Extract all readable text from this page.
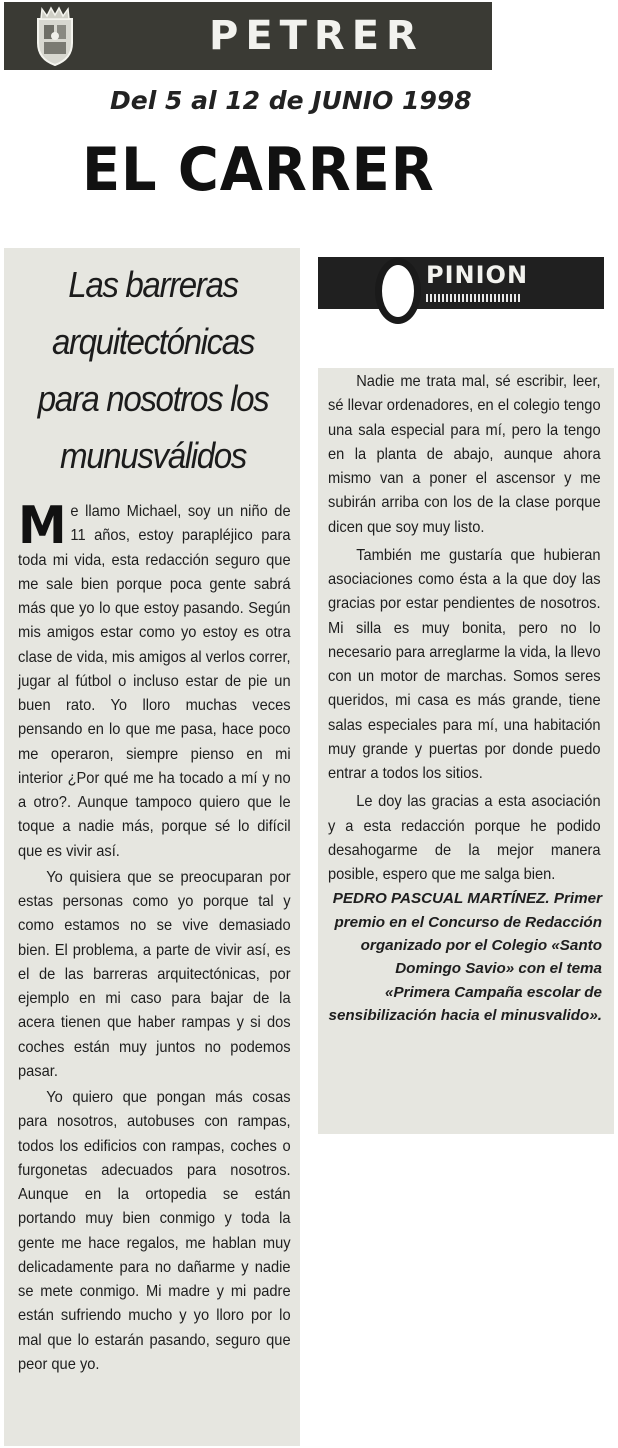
PETRER
Del 5 al 12 de JUNIO 1998
EL CARRER
Las barreras arquitectónicas para nosotros los munusválidos

Me llamo Michael, soy un niño de 11 años, estoy parapléjico para toda mi vida, esta redacción seguro que me sale bien porque poca gente sabrá más que yo lo que estoy pasando. Según mis amigos estar como yo estoy es otra clase de vida, mis amigos al verlos correr, jugar al fútbol o incluso estar de pie un buen rato. Yo lloro muchas veces pensando en lo que me pasa, hace poco me operaron, siempre pienso en mi interior ¿Por qué me ha tocado a mí y no a otro?. Aunque tampoco quiero que le toque a nadie más, porque sé lo difícil que es vivir así.

Yo quisiera que se preocuparan por estas personas como yo porque tal y como estamos no se vive demasiado bien. El problema, a parte de vivir así, es el de las barreras arquitectónicas, por ejemplo en mi caso para bajar de la acera tienen que haber rampas y si dos coches están muy juntos no podemos pasar.

Yo quiero que pongan más cosas para nosotros, autobuses con rampas, todos los edificios con rampas, coches o furgonetas adecuados para nosotros. Aunque en la ortopedia se están portando muy bien conmigo y toda la gente me hace regalos, me hablan muy delicadamente para no dañarme y nadie se mete conmigo. Mi madre y mi padre están sufriendo mucho y yo lloro por lo mal que lo estarán pasando, seguro que peor que yo.

PINION

Nadie me trata mal, sé escribir, leer, sé llevar ordenadores, en el colegio tengo una sala especial para mí, pero la tengo en la planta de abajo, aunque ahora mismo van a poner el ascensor y me subirán arriba con los de la clase porque dicen que soy muy listo.

También me gustaría que hubieran asociaciones como ésta a la que doy las gracias por estar pendientes de nosotros. Mi silla es muy bonita, pero no lo necesario para arreglarme la vida, la llevo con un motor de marchas. Somos seres queridos, mi casa es más grande, tiene salas especiales para mí, una habitación muy grande y puertas por donde puedo entrar a todos los sitios.

Le doy las gracias a esta asociación y a esta redacción porque he podido desahogarme de la mejor manera posible, espero que me salga bien.

PEDRO PASCUAL MARTÍNEZ. Primer premio en el Concurso de Redacción organizado por el Colegio «Santo Domingo Savio» con el tema «Primera Campaña escolar de sensibilización hacia el minusvalido».
